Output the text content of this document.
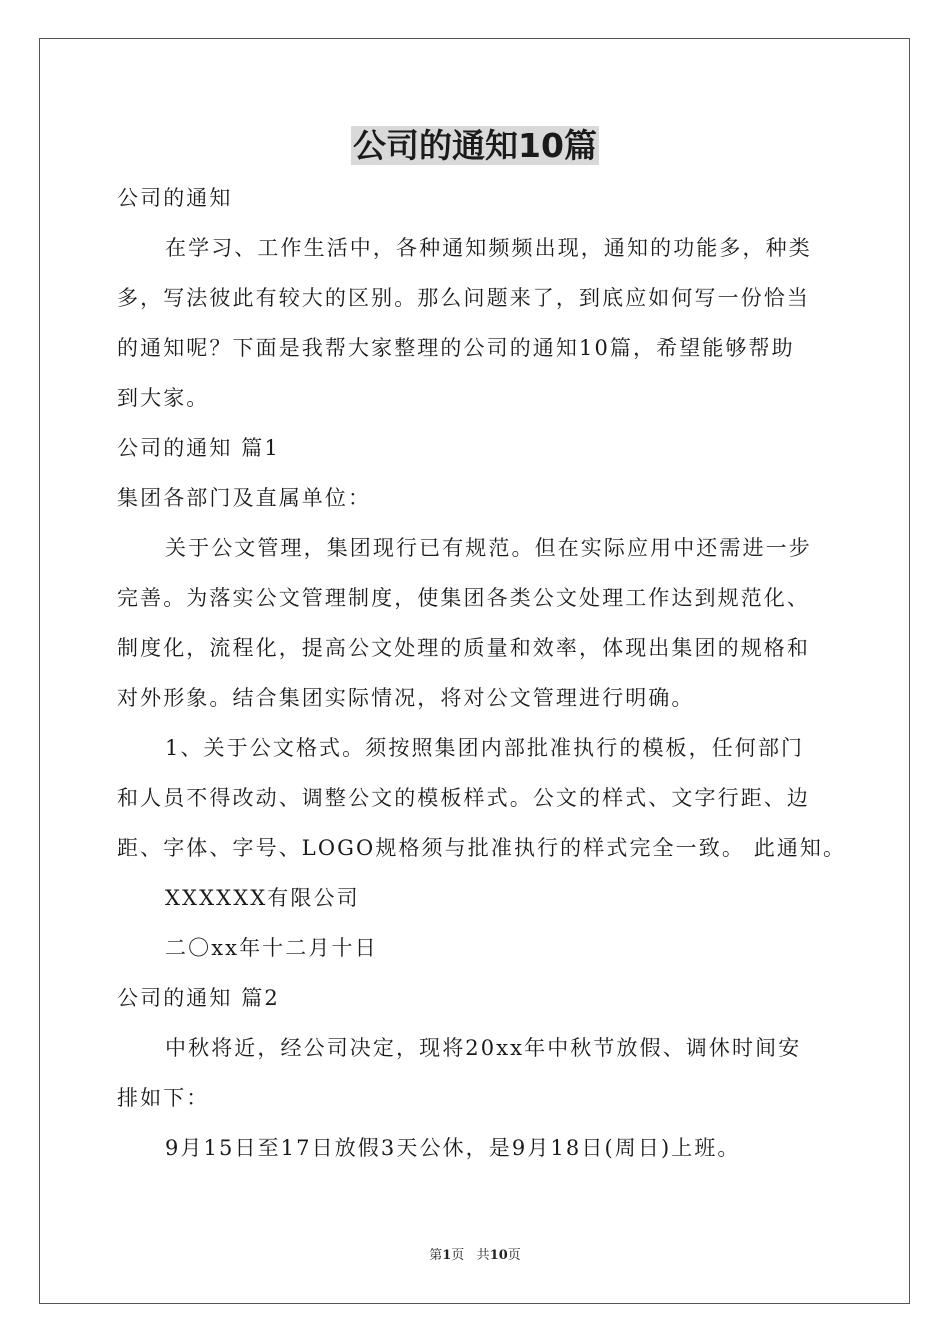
公司的通知10篇
公司的通知
在学习、工作生活中，各种通知频频出现，通知的功能多，种类
多，写法彼此有较大的区别。那么问题来了，到底应如何写一份恰当
的通知呢？下面是我帮大家整理的公司的通知10篇，希望能够帮助
到大家。
公司的通知 篇1
集团各部门及直属单位：
关于公文管理，集团现行已有规范。但在实际应用中还需进一步
完善。为落实公文管理制度，使集团各类公文处理工作达到规范化、
制度化，流程化，提高公文处理的质量和效率，体现出集团的规格和
对外形象。结合集团实际情况，将对公文管理进行明确。
1、关于公文格式。须按照集团内部批准执行的模板，任何部门
和人员不得改动、调整公文的模板样式。公文的样式、文字行距、边
距、字体、字号、LOGO规格须与批准执行的样式完全一致。 此通知。
XXXXXX有限公司
二〇xx年十二月十日
公司的通知 篇2
中秋将近，经公司决定，现将20xx年中秋节放假、调休时间安
排如下：
9月15日至17日放假3天公休，是9月18日(周日)上班。
第1页 共10页
